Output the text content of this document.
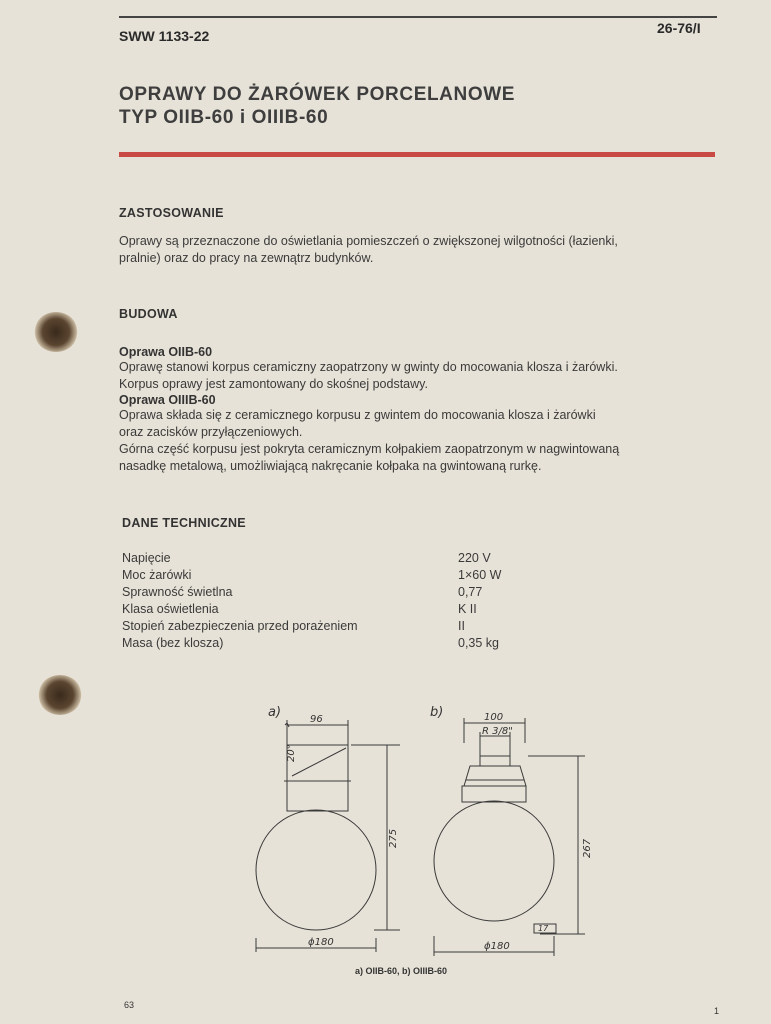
SWW 1133-22	26-76/I
OPRAWY DO ŻARÓWEK PORCELANOWE
TYP OIIB-60 i OIIIB-60
ZASTOSOWANIE
Oprawy są przeznaczone do oświetlania pomieszczeń o zwiększonej wilgotności (łazienki,
pralnie) oraz do pracy na zewnątrz budynków.
BUDOWA
Oprawa OIIB-60
Oprawę stanowi korpus ceramiczny zaopatrzony w gwinty do mocowania klosza i żarówki.
Korpus oprawy jest zamontowany do skośnej podstawy.
Oprawa OIIIB-60
Oprawa składa się z ceramicznego korpusu z gwintem do mocowania klosza i żarówki
oraz zacisków przyłączeniowych.
Górna część korpusu jest pokryta ceramicznym kołpakiem zaopatrzonym w nagwintowaną
nasadkę metalową, umożliwiającą nakręcanie kołpaka na gwintowaną rurkę.
DANE TECHNICZNE
Napięcie	220 V
Moc żarówki	1×60 W
Sprawność świetlna	0,77
Klasa oświetlenia	K II
Stopień zabezpieczenia przed porażeniem	II
Masa (bez klosza)	0,35 kg
a)	96
20°
275
ϕ180
b)	100
R 3/8"
267
ϕ180
17
a) OIIB-60, b) OIIIB-60
63
1
